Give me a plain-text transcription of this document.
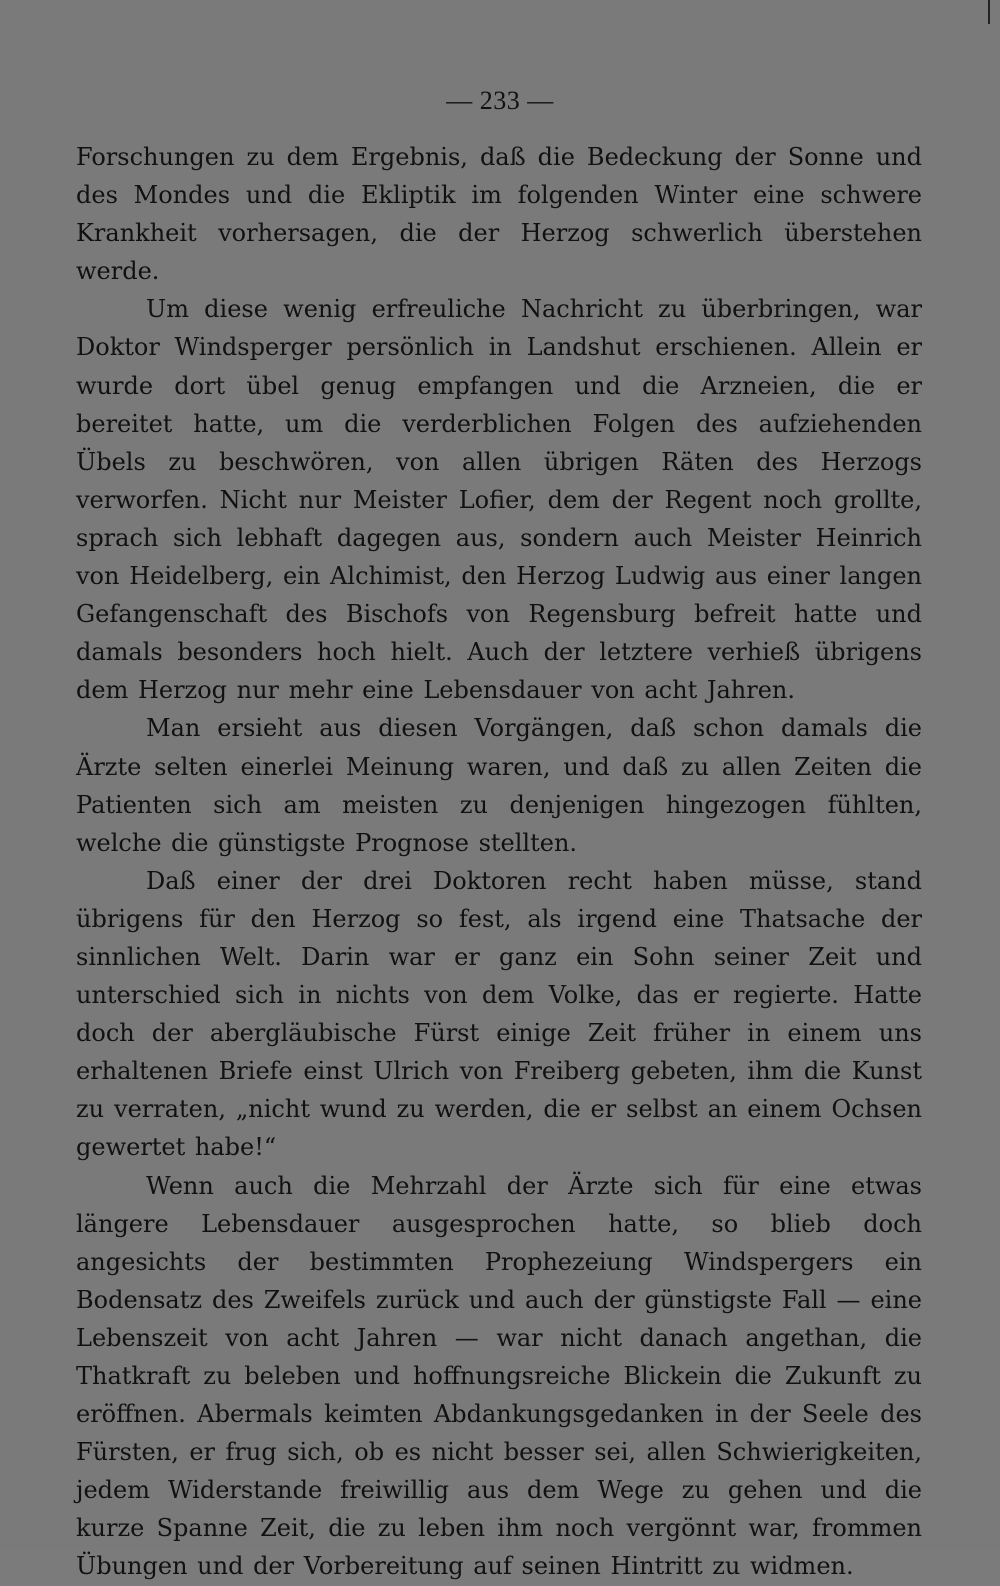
— 233 —

Forschungen zu dem Ergebnis, daß die Bedeckung der Sonne und des Mondes und die Ekliptik im folgenden Winter eine schwere Krankheit vorhersagen, die der Herzog schwerlich überstehen werde.

Um diese wenig erfreuliche Nachricht zu überbringen, war Doktor Windsperger persönlich in Landshut erschienen. Allein er wurde dort übel genug empfangen und die Arzneien, die er bereitet hatte, um die verderblichen Folgen des aufziehenden Übels zu beschwören, von allen übrigen Räten des Herzogs verworfen. Nicht nur Meister Lofier, dem der Regent noch grollte, sprach sich lebhaft dagegen aus, sondern auch Meister Heinrich von Heidelberg, ein Alchimist, den Herzog Ludwig aus einer langen Gefangenschaft des Bischofs von Regensburg befreit hatte und damals besonders hoch hielt. Auch der letztere verhieß übrigens dem Herzog nur mehr eine Lebensdauer von acht Jahren.

Man ersieht aus diesen Vorgängen, daß schon damals die Ärzte selten einerlei Meinung waren, und daß zu allen Zeiten die Patienten sich am meisten zu denjenigen hingezogen fühlten, welche die günstigste Prognose stellten.

Daß einer der drei Doktoren recht haben müsse, stand übrigens für den Herzog so fest, als irgend eine Thatsache der sinnlichen Welt. Darin war er ganz ein Sohn seiner Zeit und unterschied sich in nichts von dem Volke, das er regierte. Hatte doch der abergläubische Fürst einige Zeit früher in einem uns erhaltenen Briefe einst Ulrich von Freiberg gebeten, ihm die Kunst zu verraten, „nicht wund zu werden, die er selbst an einem Ochsen gewertet habe!“

Wenn auch die Mehrzahl der Ärzte sich für eine etwas längere Lebensdauer ausgesprochen hatte, so blieb doch angesichts der bestimmten Prophezeiung Windspergers ein Bodensatz des Zweifels zurück und auch der günstigste Fall — eine Lebenszeit von acht Jahren — war nicht danach angethan, die Thatkraft zu beleben und hoffnungsreiche Blickein die Zukunft zu eröffnen. Abermals keimten Abdankungsgedanken in der Seele des Fürsten, er frug sich, ob es nicht besser sei, allen Schwierigkeiten, jedem Widerstande freiwillig aus dem Wege zu gehen und die kurze Spanne Zeit, die zu leben ihm noch vergönnt war, frommen Übungen und der Vorbereitung auf seinen Hintritt zu widmen.
